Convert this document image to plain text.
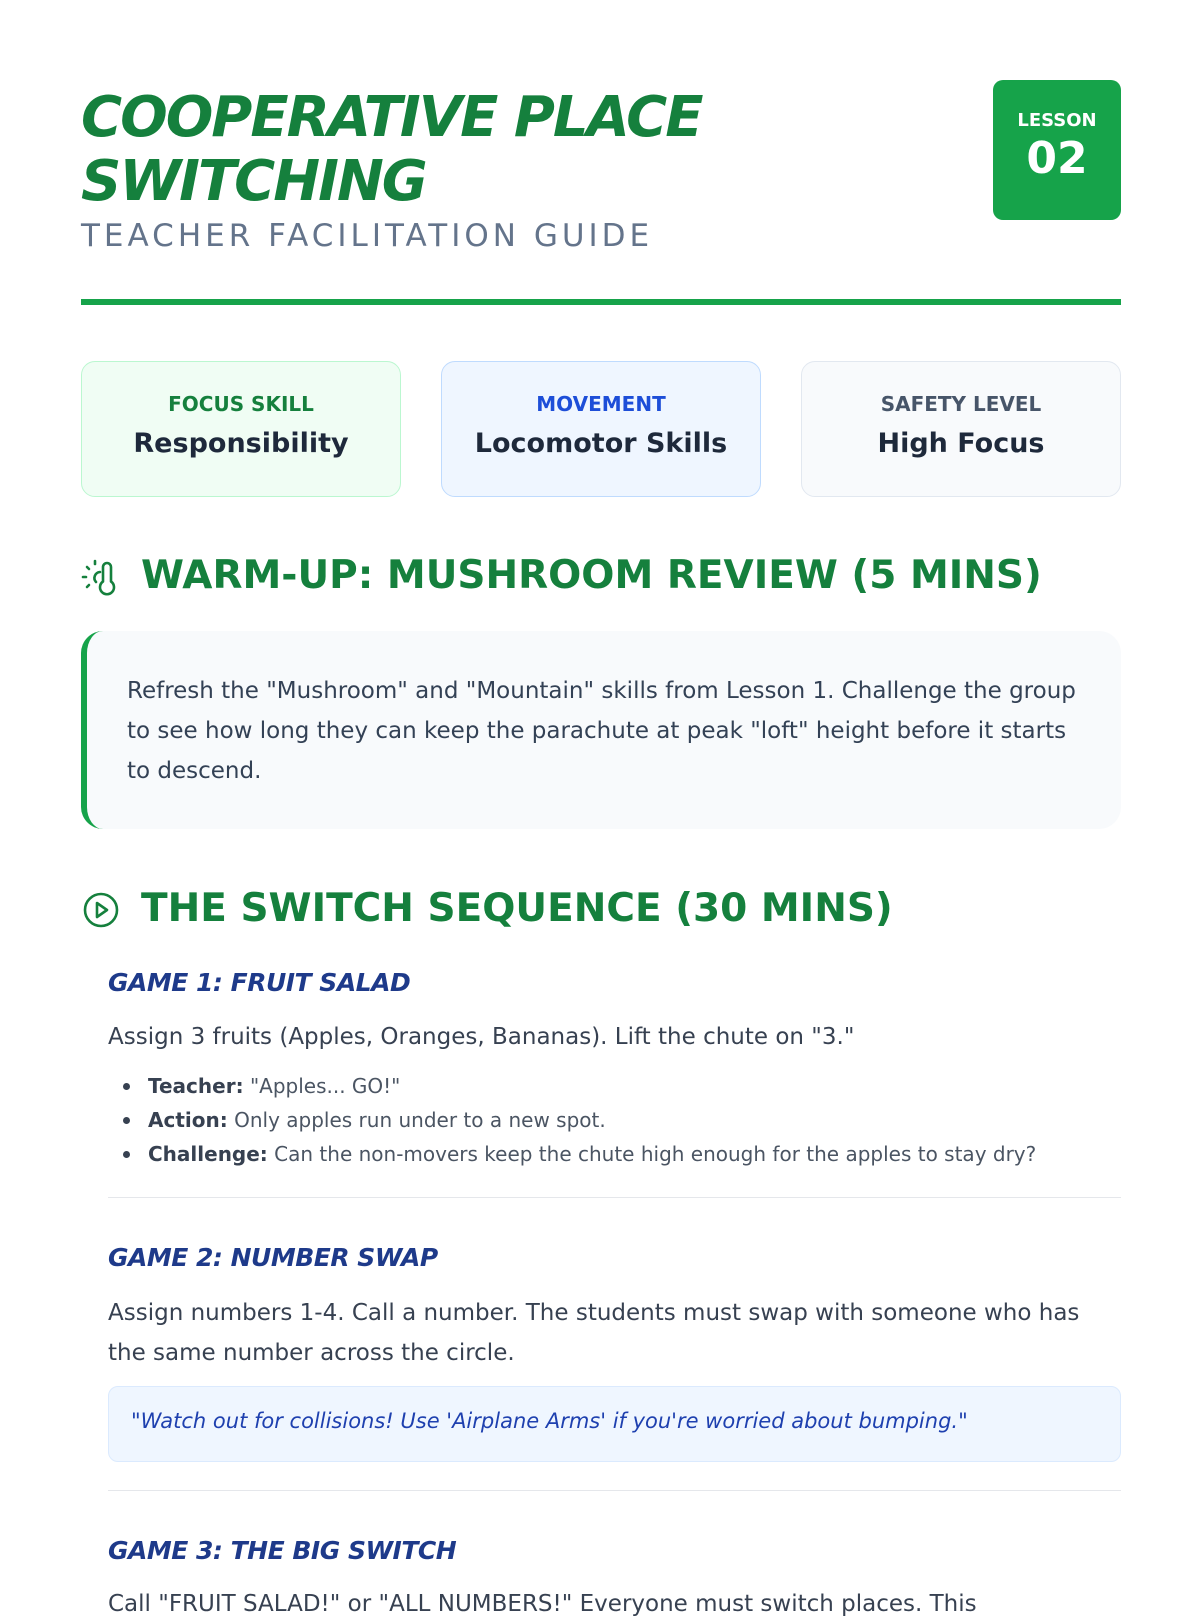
COOPERATIVE PLACE SWITCHING
TEACHER FACILITATION GUIDE
LESSON
02
FOCUS SKILL
Responsibility
MOVEMENT
Locomotor Skills
SAFETY LEVEL
High Focus
WARM-UP: MUSHROOM REVIEW (5 MINS)

Refresh the "Mushroom" and "Mountain" skills from Lesson 1. Challenge the group to see how long they can keep the parachute at peak "loft" height before it starts to descend.

THE SWITCH SEQUENCE (30 MINS)
GAME 1: FRUIT SALAD

Assign 3 fruits (Apples, Oranges, Bananas). Lift the chute on "3."

Teacher: "Apples... GO!"
Action: Only apples run under to a new spot.
Challenge: Can the non-movers keep the chute high enough for the apples to stay dry?
GAME 2: NUMBER SWAP

Assign numbers 1-4. Call a number. The students must swap with someone who has the same number across the circle.

"Watch out for collisions! Use 'Airplane Arms' if you're worried about bumping."
GAME 3: THE BIG SWITCH

Call "FRUIT SALAD!" or "ALL NUMBERS!" Everyone must switch places. This
